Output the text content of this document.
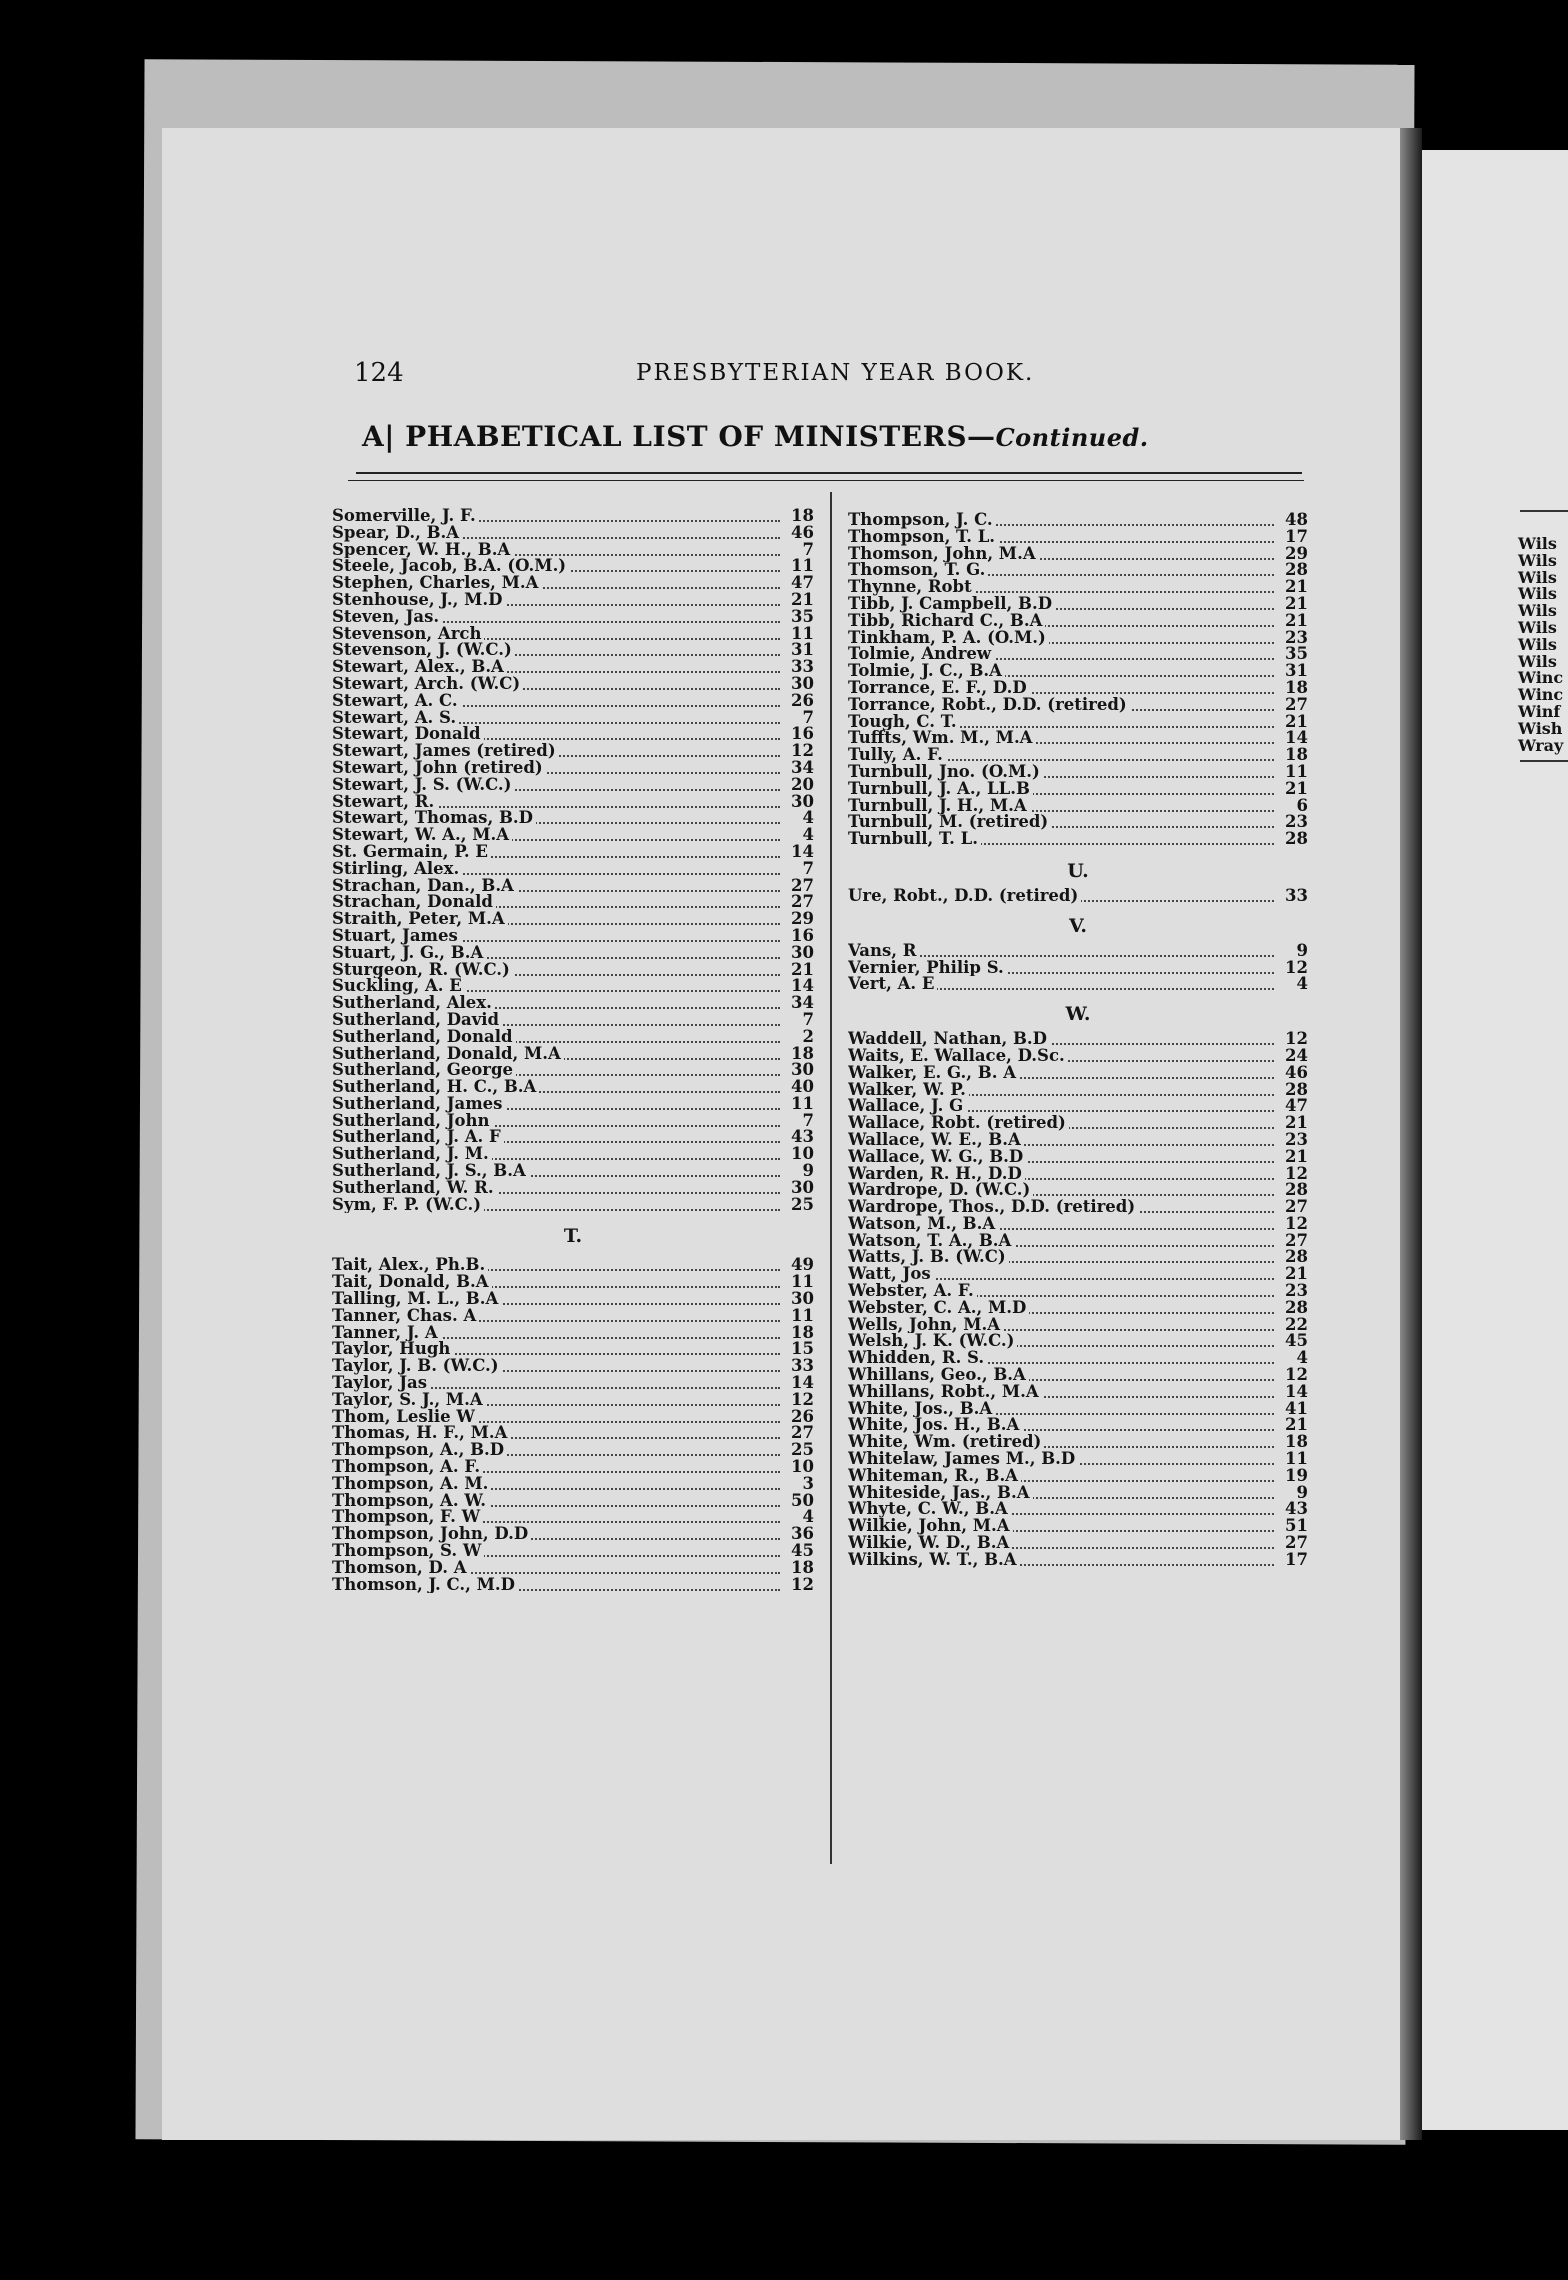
124	PRESBYTERIAN YEAR BOOK.
A| PHABETICAL LIST OF MINISTERS—Continued.
Somerville, J. F.	18
Spear, D., B.A	46
Spencer, W. H., B.A	7
Steele, Jacob, B.A. (O.M.)	11
Stephen, Charles, M.A	47
Stenhouse, J., M.D	21
Steven, Jas.	35
Stevenson, Arch	11
Stevenson, J. (W.C.)	31
Stewart, Alex., B.A	33
Stewart, Arch. (W.C)	30
Stewart, A. C.	26
Stewart, A. S.	7
Stewart, Donald	16
Stewart, James (retired)	12
Stewart, John (retired)	34
Stewart, J. S. (W.C.)	20
Stewart, R.	30
Stewart, Thomas, B.D	4
Stewart, W. A., M.A	4
St. Germain, P. E	14
Stirling, Alex.	7
Strachan, Dan., B.A	27
Strachan, Donald	27
Straith, Peter, M.A	29
Stuart, James	16
Stuart, J. G., B.A	30
Sturgeon, R. (W.C.)	21
Suckling, A. E	14
Sutherland, Alex.	34
Sutherland, David	7
Sutherland, Donald	2
Sutherland, Donald, M.A	18
Sutherland, George	30
Sutherland, H. C., B.A	40
Sutherland, James	11
Sutherland, John	7
Sutherland, J. A. F	43
Sutherland, J. M.	10
Sutherland, J. S., B.A	9
Sutherland, W. R.	30
Sym, F. P. (W.C.)	25
T.
Tait, Alex., Ph.B.	49
Tait, Donald, B.A	11
Talling, M. L., B.A	30
Tanner, Chas. A	11
Tanner, J. A	18
Taylor, Hugh	15
Taylor, J. B. (W.C.)	33
Taylor, Jas	14
Taylor, S. J., M.A	12
Thom, Leslie W	26
Thomas, H. F., M.A	27
Thompson, A., B.D	25
Thompson, A. F.	10
Thompson, A. M.	3
Thompson, A. W.	50
Thompson, F. W	4
Thompson, John, D.D	36
Thompson, S. W	45
Thomson, D. A	18
Thomson, J. C., M.D	12
Thompson, J. C.	48
Thompson, T. L.	17
Thomson, John, M.A	29
Thomson, T. G.	28
Thynne, Robt	21
Tibb, J. Campbell, B.D	21
Tibb, Richard C., B.A	21
Tinkham, P. A. (O.M.)	23
Tolmie, Andrew	35
Tolmie, J. C., B.A	31
Torrance, E. F., D.D	18
Torrance, Robt., D.D. (retired)	27
Tough, C. T.	21
Tuffts, Wm. M., M.A	14
Tully, A. F.	18
Turnbull, Jno. (O.M.)	11
Turnbull, J. A., LL.B	21
Turnbull, J. H., M.A	6
Turnbull, M. (retired)	23
Turnbull, T. L.	28
U.
Ure, Robt., D.D. (retired)	33
V.
Vans, R	9
Vernier, Philip S.	12
Vert, A. E	4
W.
Waddell, Nathan, B.D	12
Waits, E. Wallace, D.Sc.	24
Walker, E. G., B. A	46
Walker, W. P.	28
Wallace, J. G	47
Wallace, Robt. (retired)	21
Wallace, W. E., B.A	23
Wallace, W. G., B.D	21
Warden, R. H., D.D	12
Wardrope, D. (W.C.)	28
Wardrope, Thos., D.D. (retired)	27
Watson, M., B.A	12
Watson, T. A., B.A	27
Watts, J. B. (W.C)	28
Watt, Jos	21
Webster, A. F.	23
Webster, C. A., M.D	28
Wells, John, M.A	22
Welsh, J. K. (W.C.)	45
Whidden, R. S.	4
Whillans, Geo., B.A	12
Whillans, Robt., M.A	14
White, Jos., B.A	41
White, Jos. H., B.A	21
White, Wm. (retired)	18
Whitelaw, James M., B.D	11
Whiteman, R., B.A	19
Whiteside, Jas., B.A	9
Whyte, C. W., B.A	43
Wilkie, John, M.A	51
Wilkie, W. D., B.A	27
Wilkins, W. T., B.A	17
Wils
Wils
Wils
Wils
Wils
Wils
Wils
Wils
Winc
Winc
Winf
Wish
Wray
